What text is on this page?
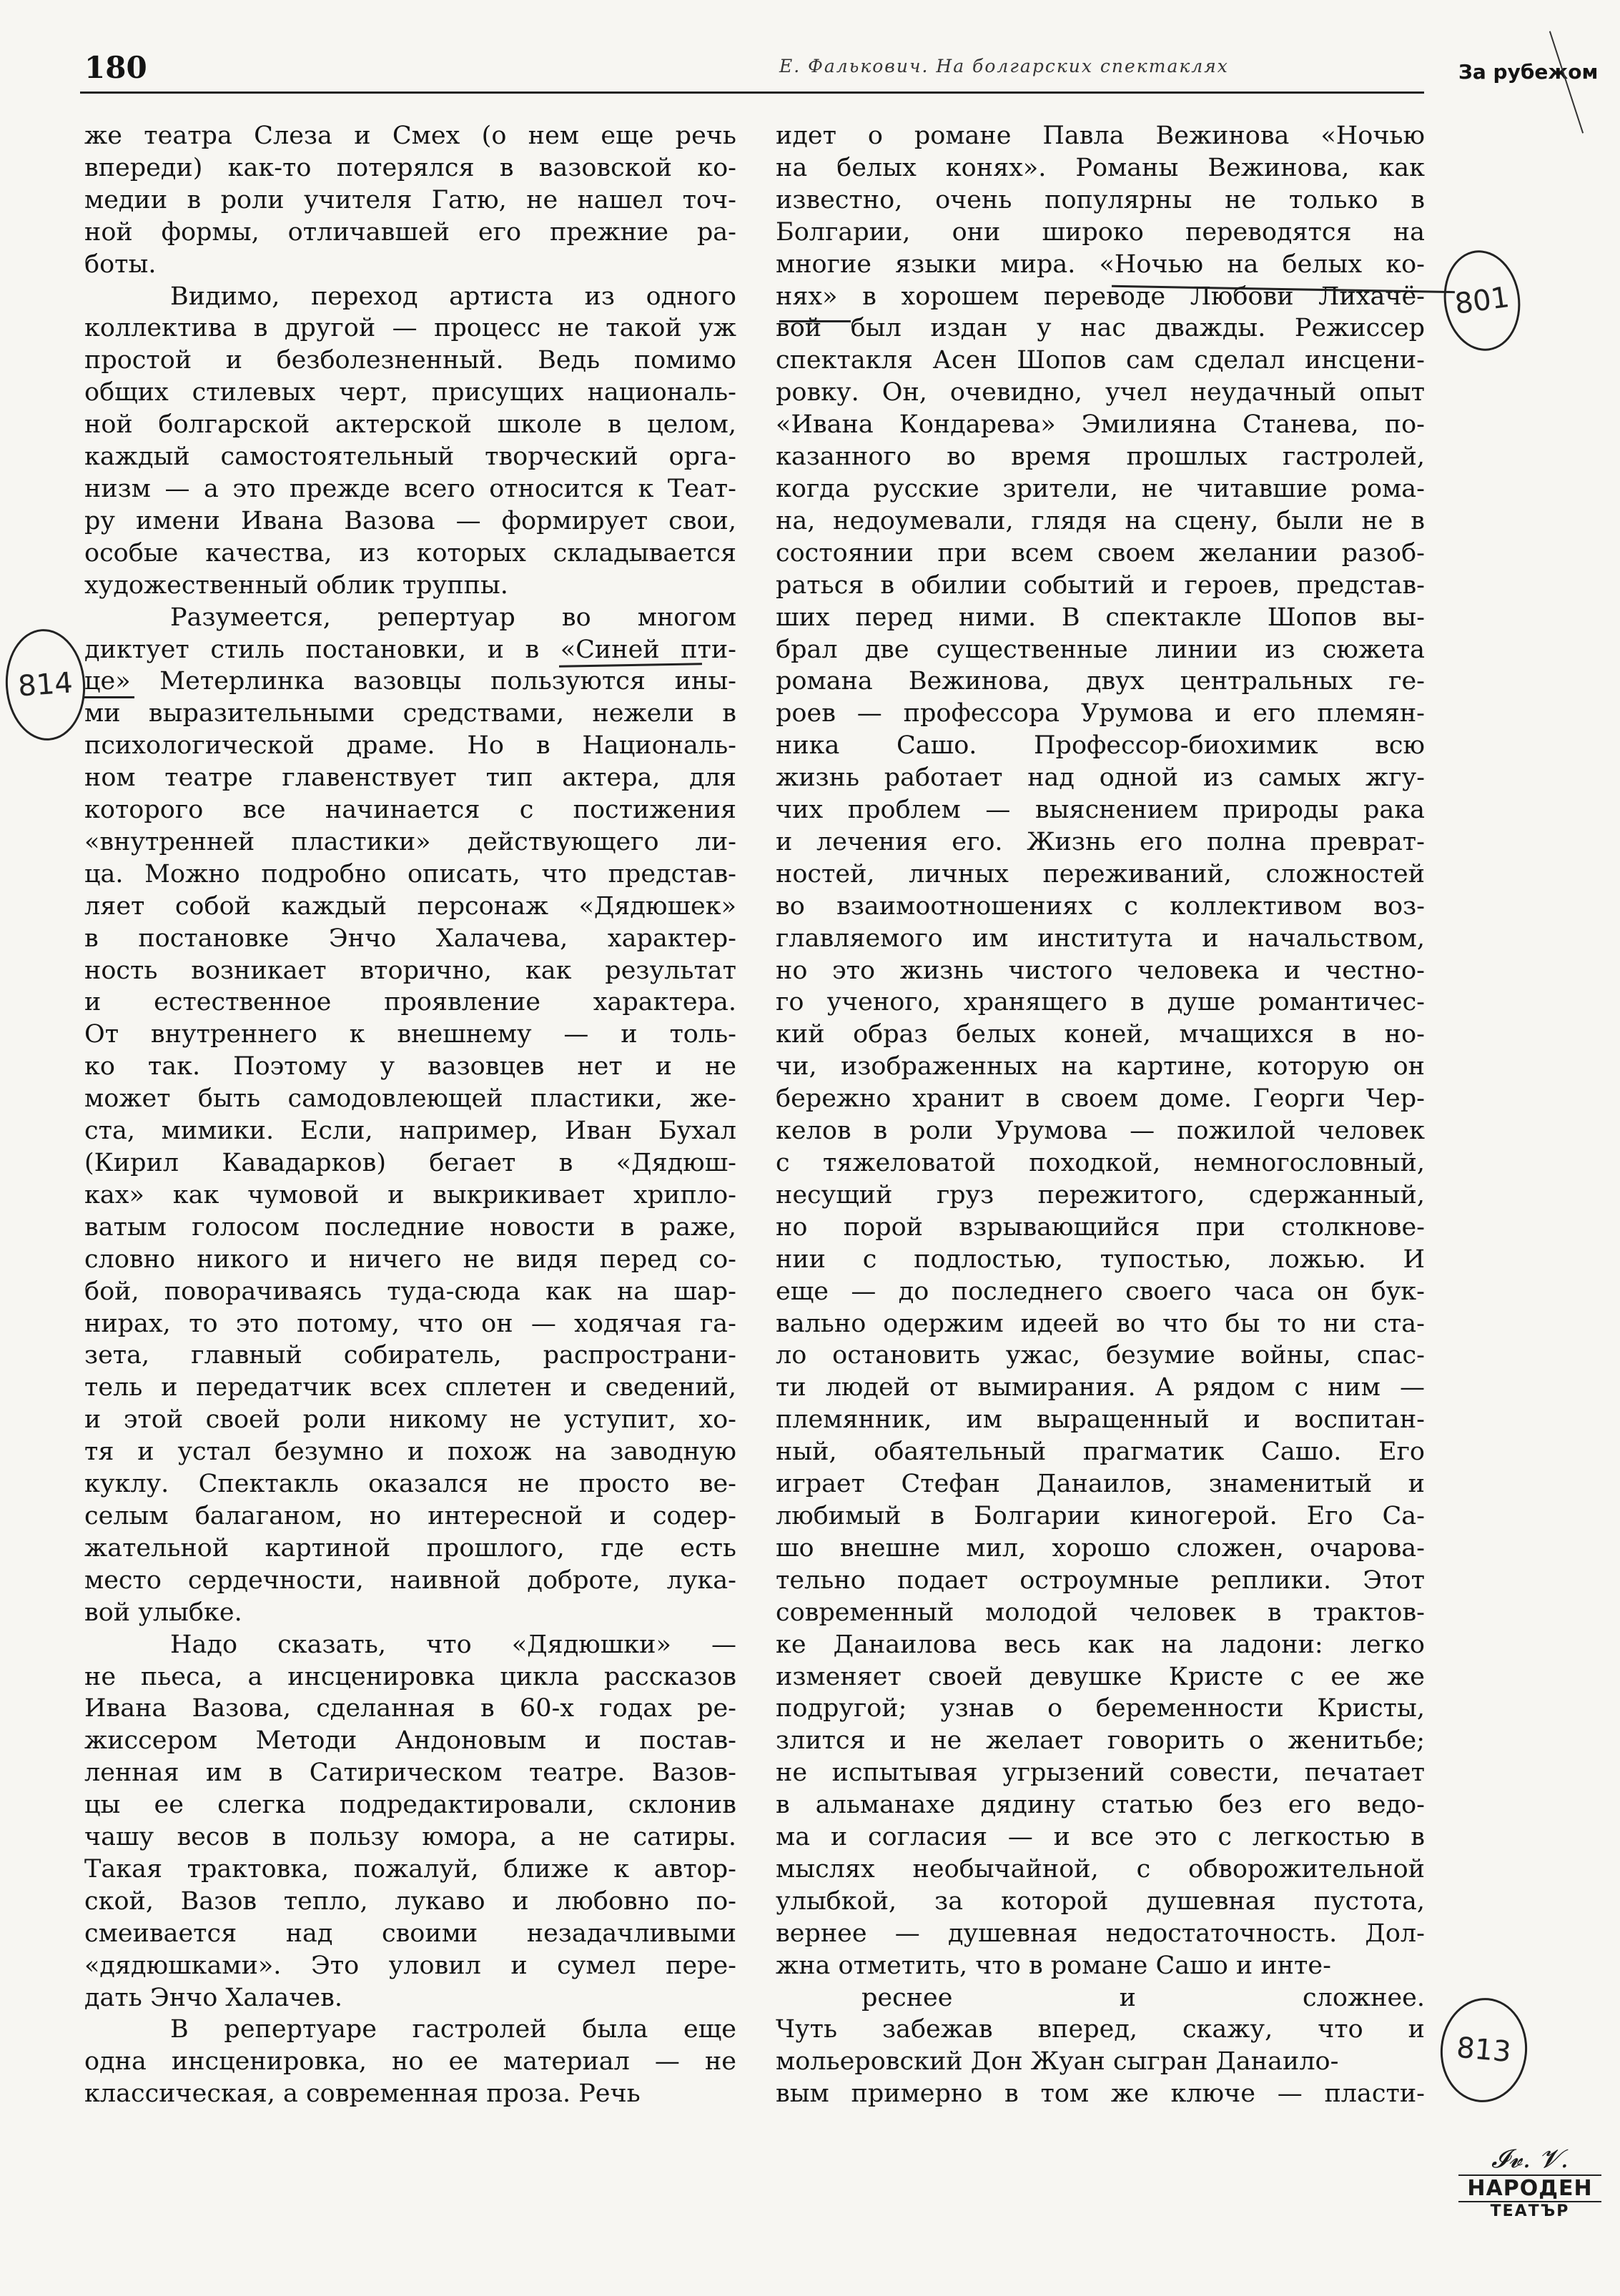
180	Е. Фалькович. На болгарских спектаклях	За рубежом
же театра Слеза и Смех (о нем еще речь
впереди) как-то потерялся в вазовской ко-
медии в роли учителя Гатю, не нашел точ-
ной формы, отличавшей его прежние ра-
боты.
Видимо, переход артиста из одного
коллектива в другой — процесс не такой уж
простой и безболезненный. Ведь помимо
общих стилевых черт, присущих националь-
ной болгарской актерской школе в целом,
каждый самостоятельный творческий орга-
низм — а это прежде всего относится к Теат-
ру имени Ивана Вазова — формирует свои,
особые качества, из которых складывается
художественный облик труппы.
Разумеется, репертуар во многом
диктует стиль постановки, и в «Синей пти-
це» Метерлинка вазовцы пользуются ины-
ми выразительными средствами, нежели в
психологической драме. Но в Националь-
ном театре главенствует тип актера, для
которого все начинается с постижения
«внутренней пластики» действующего ли-
ца. Можно подробно описать, что представ-
ляет собой каждый персонаж «Дядюшек»
в постановке Энчо Халачева, характер-
ность возникает вторично, как результат
и естественное проявление характера.
От внутреннего к внешнему — и толь-
ко так. Поэтому у вазовцев нет и не
может быть самодовлеющей пластики, же-
ста, мимики. Если, например, Иван Бухал
(Кирил Кавадарков) бегает в «Дядюш-
ках» как чумовой и выкрикивает хрипло-
ватым голосом последние новости в раже,
словно никого и ничего не видя перед со-
бой, поворачиваясь туда-сюда как на шар-
нирах, то это потому, что он — ходячая га-
зета, главный собиратель, распространи-
тель и передатчик всех сплетен и сведений,
и этой своей роли никому не уступит, хо-
тя и устал безумно и похож на заводную
куклу. Спектакль оказался не просто ве-
селым балаганом, но интересной и содер-
жательной картиной прошлого, где есть
место сердечности, наивной доброте, лука-
вой улыбке.
Надо сказать, что «Дядюшки» —
не пьеса, а инсценировка цикла рассказов
Ивана Вазова, сделанная в 60-х годах ре-
жиссером Методи Андоновым и постав-
ленная им в Сатирическом театре. Вазов-
цы ее слегка подредактировали, склонив
чашу весов в пользу юмора, а не сатиры.
Такая трактовка, пожалуй, ближе к автор-
ской, Вазов тепло, лукаво и любовно по-
смеивается над своими незадачливыми
«дядюшками». Это уловил и сумел пере-
дать Энчо Халачев.
В репертуаре гастролей была еще
одна инсценировка, но ее материал — не
классическая, а современная проза. Речь
идет о романе Павла Вежинова «Ночью
на белых конях». Романы Вежинова, как
известно, очень популярны не только в
Болгарии, они широко переводятся на
многие языки мира. «Ночью на белых ко-
нях» в хорошем переводе Любови Лихачё-
вой был издан у нас дважды. Режиссер
спектакля Асен Шопов сам сделал инсцени-
ровку. Он, очевидно, учел неудачный опыт
«Ивана Кондарева» Эмилияна Станева, по-
казанного во время прошлых гастролей,
когда русские зрители, не читавшие рома-
на, недоумевали, глядя на сцену, были не в
состоянии при всем своем желании разоб-
раться в обилии событий и героев, представ-
ших перед ними. В спектакле Шопов вы-
брал две существенные линии из сюжета
романа Вежинова, двух центральных ге-
роев — профессора Урумова и его племян-
ника Сашо. Профессор-биохимик всю
жизнь работает над одной из самых жгу-
чих проблем — выяснением природы рака
и лечения его. Жизнь его полна преврат-
ностей, личных переживаний, сложностей
во взаимоотношениях с коллективом воз-
главляемого им института и начальством,
но это жизнь чистого человека и честно-
го ученого, хранящего в душе романтичес-
кий образ белых коней, мчащихся в но-
чи, изображенных на картине, которую он
бережно хранит в своем доме. Георги Чер-
келов в роли Урумова — пожилой человек
с тяжеловатой походкой, немногословный,
несущий груз пережитого, сдержанный,
но порой взрывающийся при столкнове-
нии с подлостью, тупостью, ложью. И
еще — до последнего своего часа он бук-
вально одержим идеей во что бы то ни ста-
ло остановить ужас, безумие войны, спас-
ти людей от вымирания. А рядом с ним —
племянник, им выращенный и воспитан-
ный, обаятельный прагматик Сашо. Его
играет Стефан Данаилов, знаменитый и
любимый в Болгарии киногерой. Его Са-
шо внешне мил, хорошо сложен, очарова-
тельно подает остроумные реплики. Этот
современный молодой человек в трактов-
ке Данаилова весь как на ладони: легко
изменяет своей девушке Кристе с ее же
подругой; узнав о беременности Кристы,
злится и не желает говорить о женитьбе;
не испытывая угрызений совести, печатает
в альманахе дядину статью без его ведо-
ма и согласия — и все это с легкостью в
мыслях необычайной, с обворожительной
улыбкой, за которой душевная пустота,
вернее — душевная недостаточность. Дол-
жна отметить, что в романе Сашо и инте-
реснее и сложнее.
Чуть забежав вперед, скажу, что и
мольеровский Дон Жуан сыгран Данаило-
вым примерно в том же ключе — пласти-
801
814
813
𝓘𝓿. 𝓥.
НАРОДЕН
ТЕАТЪР
